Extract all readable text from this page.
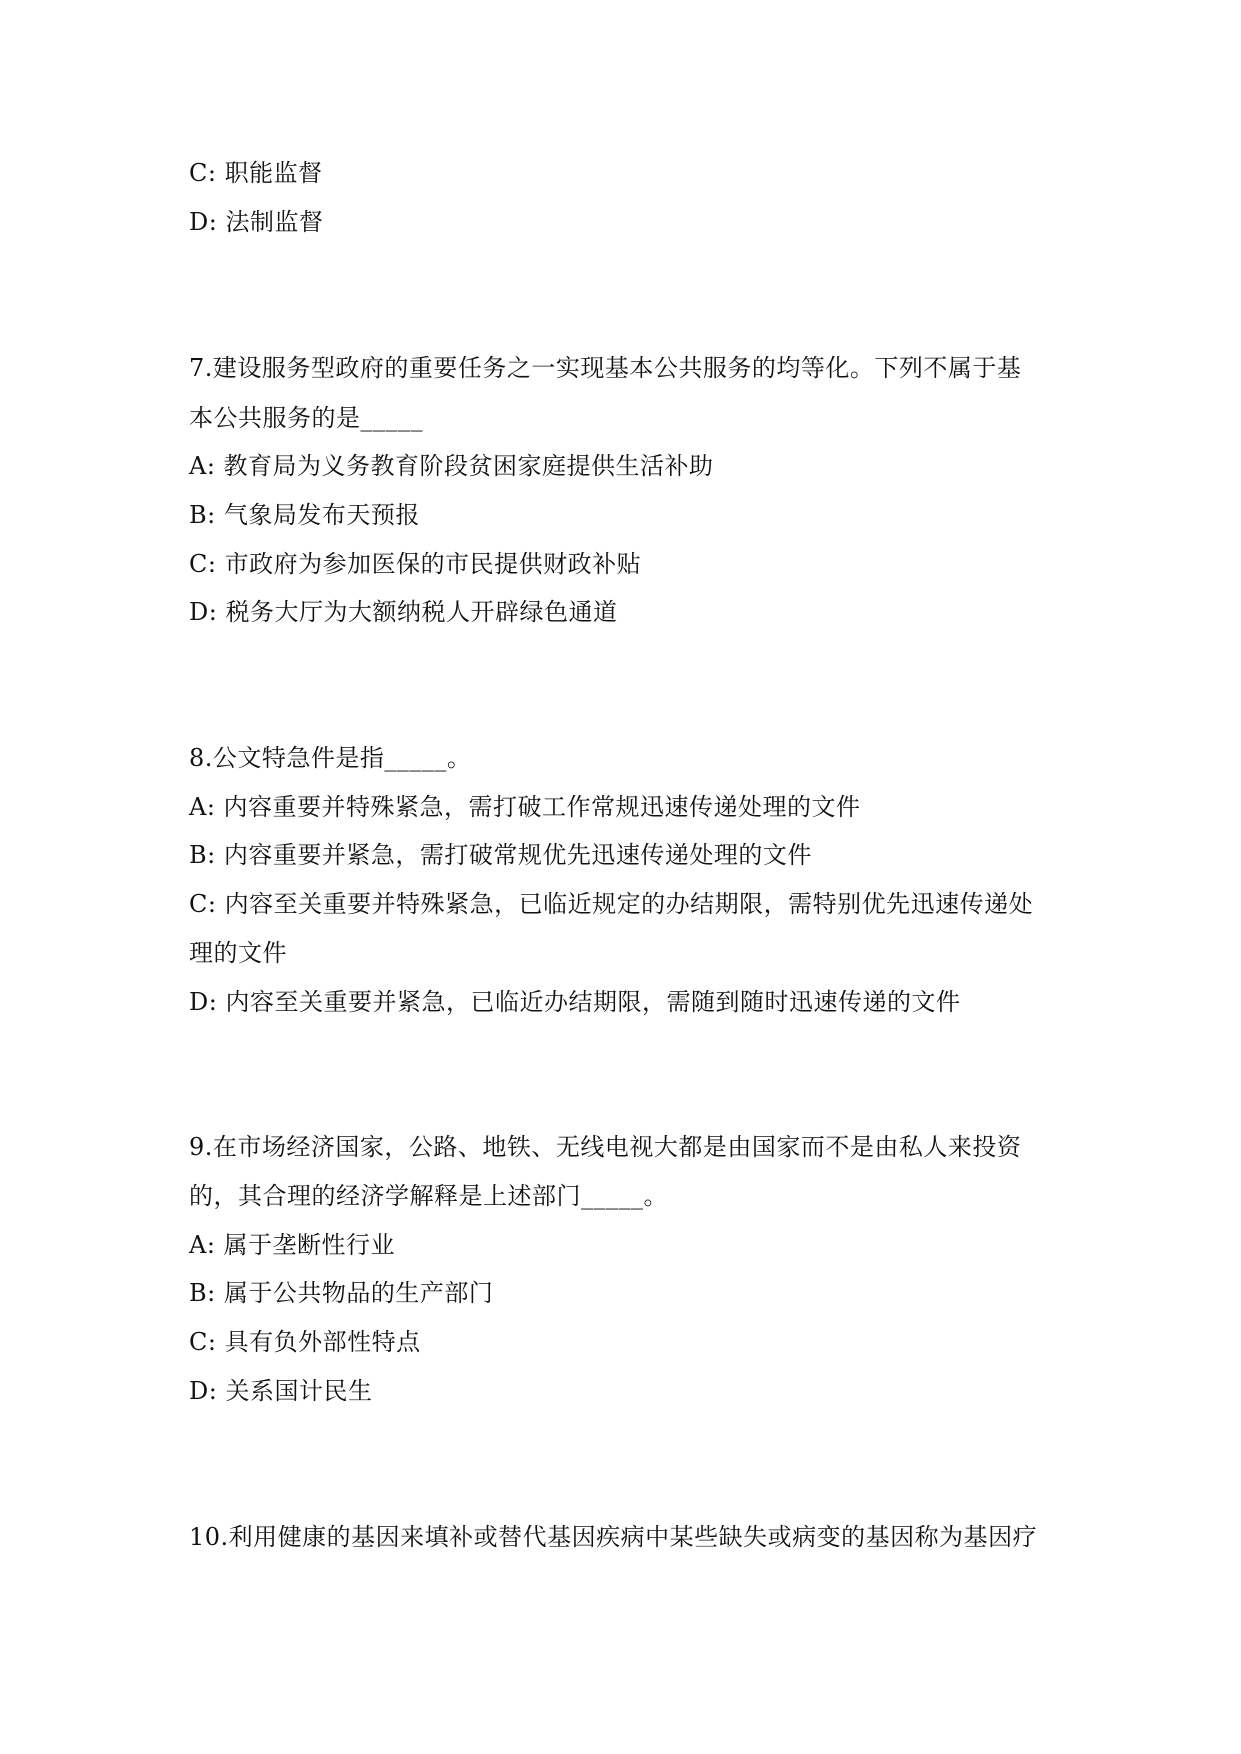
C: 职能监督
D: 法制监督
7.建设服务型政府的重要任务之一实现基本公共服务的均等化。下列不属于基
本公共服务的是_____
A: 教育局为义务教育阶段贫困家庭提供生活补助
B: 气象局发布天预报
C: 市政府为参加医保的市民提供财政补贴
D: 税务大厅为大额纳税人开辟绿色通道
8.公文特急件是指_____。
A: 内容重要并特殊紧急，需打破工作常规迅速传递处理的文件
B: 内容重要并紧急，需打破常规优先迅速传递处理的文件
C: 内容至关重要并特殊紧急，已临近规定的办结期限，需特别优先迅速传递处
理的文件
D: 内容至关重要并紧急，已临近办结期限，需随到随时迅速传递的文件
9.在市场经济国家，公路、地铁、无线电视大都是由国家而不是由私人来投资
的，其合理的经济学解释是上述部门_____。
A: 属于垄断性行业
B: 属于公共物品的生产部门
C: 具有负外部性特点
D: 关系国计民生
10.利用健康的基因来填补或替代基因疾病中某些缺失或病变的基因称为基因疗
